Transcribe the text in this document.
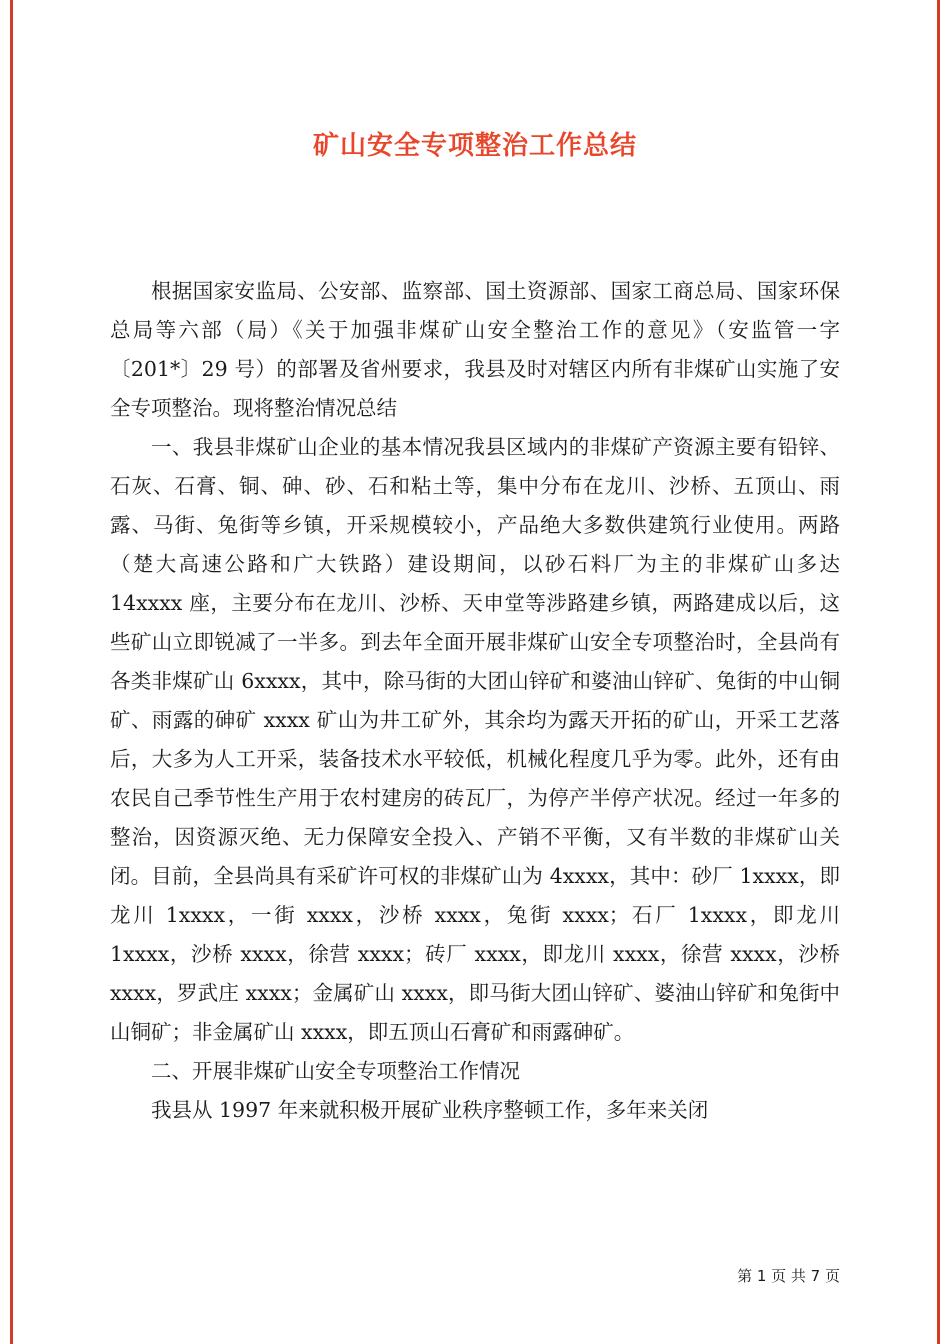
矿山安全专项整治工作总结

根据国家安监局、公安部、监察部、国土资源部、国家工商总局、国家环保总局等六部（局）《关于加强非煤矿山安全整治工作的意见》（安监管一字〔201*〕29 号）的部署及省州要求，我县及时对辖区内所有非煤矿山实施了安全专项整治。现将整治情况总结

一、我县非煤矿山企业的基本情况我县区域内的非煤矿产资源主要有铅锌、石灰、石膏、铜、砷、砂、石和粘土等，集中分布在龙川、沙桥、五顶山、雨露、马街、兔街等乡镇，开采规模较小，产品绝大多数供建筑行业使用。两路（楚大高速公路和广大铁路）建设期间，以砂石料厂为主的非煤矿山多达 14xxxx 座，主要分布在龙川、沙桥、天申堂等涉路建乡镇，两路建成以后，这些矿山立即锐减了一半多。到去年全面开展非煤矿山安全专项整治时，全县尚有各类非煤矿山 6xxxx，其中，除马街的大团山锌矿和婆油山锌矿、兔街的中山铜矿、雨露的砷矿 xxxx 矿山为井工矿外，其余均为露天开拓的矿山，开采工艺落后，大多为人工开采，装备技术水平较低，机械化程度几乎为零。此外，还有由农民自己季节性生产用于农村建房的砖瓦厂，为停产半停产状况。经过一年多的整治，因资源灭绝、无力保障安全投入、产销不平衡，又有半数的非煤矿山关闭。目前，全县尚具有采矿许可权的非煤矿山为 4xxxx，其中：砂厂 1xxxx，即龙川 1xxxx，一街 xxxx，沙桥 xxxx，兔街 xxxx；石厂 1xxxx，即龙川 1xxxx，沙桥 xxxx，徐营 xxxx；砖厂 xxxx，即龙川 xxxx，徐营 xxxx，沙桥 xxxx，罗武庄 xxxx；金属矿山 xxxx，即马街大团山锌矿、婆油山锌矿和兔街中山铜矿；非金属矿山 xxxx，即五顶山石膏矿和雨露砷矿。

二、开展非煤矿山安全专项整治工作情况

我县从 1997 年来就积极开展矿业秩序整顿工作，多年来关闭

第 1 页 共 7 页
